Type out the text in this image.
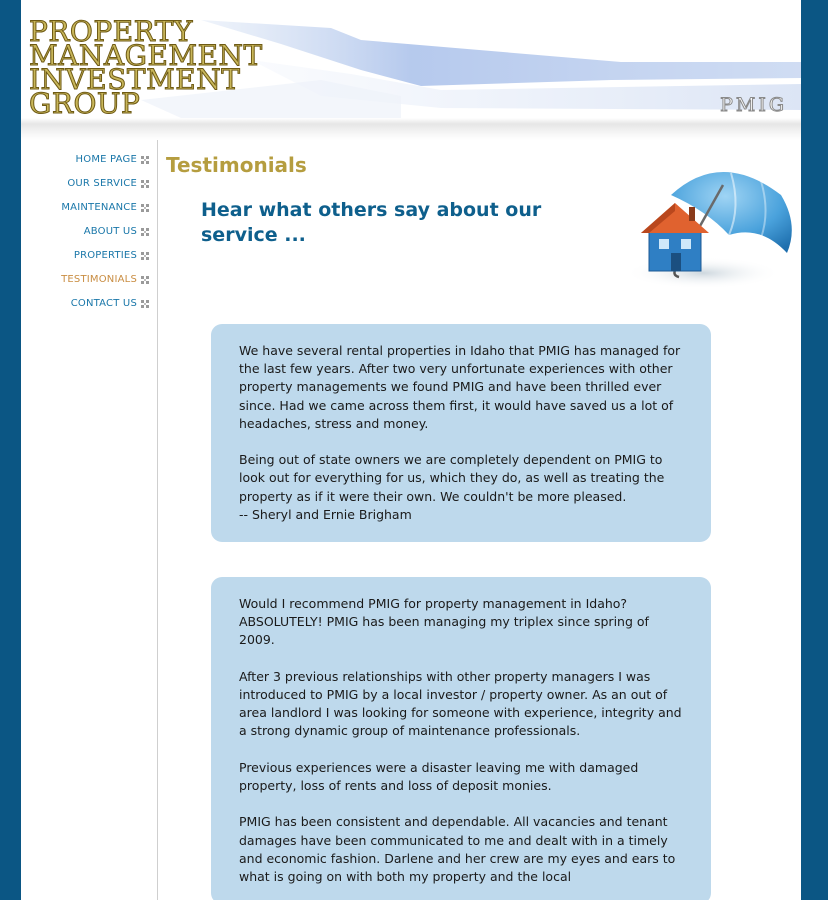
PROPERTY
MANAGEMENT
INVESTMENT
GROUP	PMIG
HOME PAGE
OUR SERVICE
MAINTENANCE
ABOUT US
PROPERTIES
TESTIMONIALS
CONTACT US
Testimonials
Hear what others say about our service ...

We have several rental properties in Idaho that PMIG has managed for the last few years. After two very unfortunate experiences with other property managements we found PMIG and have been thrilled ever since. Had we came across them first, it would have saved us a lot of headaches, stress and money.

Being out of state owners we are completely dependent on PMIG to look out for everything for us, which they do, as well as treating the property as if it were their own. We couldn't be more pleased.

-- Sheryl and Ernie Brigham

Would I recommend PMIG for property management in Idaho? ABSOLUTELY! PMIG has been managing my triplex since spring of 2009.

After 3 previous relationships with other property managers I was introduced to PMIG by a local investor / property owner. As an out of area landlord I was looking for someone with experience, integrity and a strong dynamic group of maintenance professionals.

Previous experiences were a disaster leaving me with damaged property, loss of rents and loss of deposit monies.

PMIG has been consistent and dependable. All vacancies and tenant damages have been communicated to me and dealt with in a timely and economic fashion. Darlene and her crew are my eyes and ears to what is going on with both my property and the local
